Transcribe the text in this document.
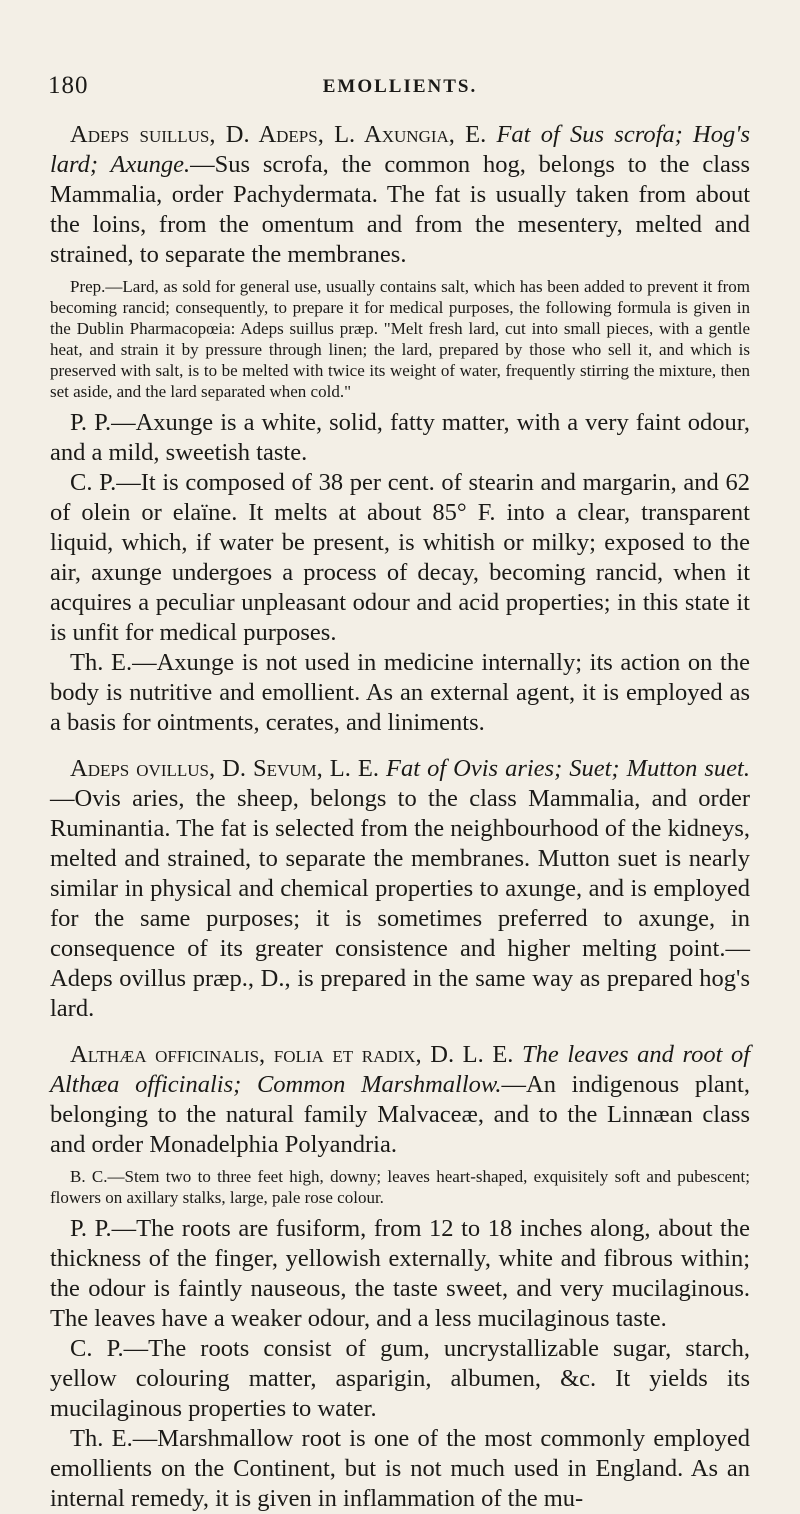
180	EMOLLIENTS.

Adeps suillus, D. Adeps, L. Axungia, E. Fat of Sus scrofa; Hog's lard; Axunge.—Sus scrofa, the common hog, belongs to the class Mammalia, order Pachydermata. The fat is usually taken from about the loins, from the omentum and from the mesentery, melted and strained, to separate the membranes.

Prep.—Lard, as sold for general use, usually contains salt, which has been added to prevent it from becoming rancid; consequently, to prepare it for medical purposes, the following formula is given in the Dublin Pharmacopœia: Adeps suillus præp. "Melt fresh lard, cut into small pieces, with a gentle heat, and strain it by pressure through linen; the lard, prepared by those who sell it, and which is preserved with salt, is to be melted with twice its weight of water, frequently stirring the mixture, then set aside, and the lard separated when cold."

P. P.—Axunge is a white, solid, fatty matter, with a very faint odour, and a mild, sweetish taste.

C. P.—It is composed of 38 per cent. of stearin and margarin, and 62 of olein or elaïne. It melts at about 85° F. into a clear, transparent liquid, which, if water be present, is whitish or milky; exposed to the air, axunge undergoes a process of decay, becoming rancid, when it acquires a peculiar unpleasant odour and acid properties; in this state it is unfit for medical purposes.

Th. E.—Axunge is not used in medicine internally; its action on the body is nutritive and emollient. As an external agent, it is employed as a basis for ointments, cerates, and liniments.

Adeps ovillus, D. Sevum, L. E. Fat of Ovis aries; Suet; Mutton suet.—Ovis aries, the sheep, belongs to the class Mammalia, and order Ruminantia. The fat is selected from the neighbourhood of the kidneys, melted and strained, to separate the membranes. Mutton suet is nearly similar in physical and chemical properties to axunge, and is employed for the same purposes; it is sometimes preferred to axunge, in consequence of its greater consistence and higher melting point.—Adeps ovillus præp., D., is prepared in the same way as prepared hog's lard.

Althæa officinalis, folia et radix, D. L. E. The leaves and root of Althæa officinalis; Common Marshmallow.—An indigenous plant, belonging to the natural family Malvaceæ, and to the Linnæan class and order Monadelphia Polyandria.

B. C.—Stem two to three feet high, downy; leaves heart-shaped, exquisitely soft and pubescent; flowers on axillary stalks, large, pale rose colour.

P. P.—The roots are fusiform, from 12 to 18 inches along, about the thickness of the finger, yellowish externally, white and fibrous within; the odour is faintly nauseous, the taste sweet, and very mucilaginous. The leaves have a weaker odour, and a less mucilaginous taste.

C. P.—The roots consist of gum, uncrystallizable sugar, starch, yellow colouring matter, asparigin, albumen, &c. It yields its mucilaginous properties to water.

Th. E.—Marshmallow root is one of the most commonly employed emollients on the Continent, but is not much used in England. As an internal remedy, it is given in inflammation of the mu-
